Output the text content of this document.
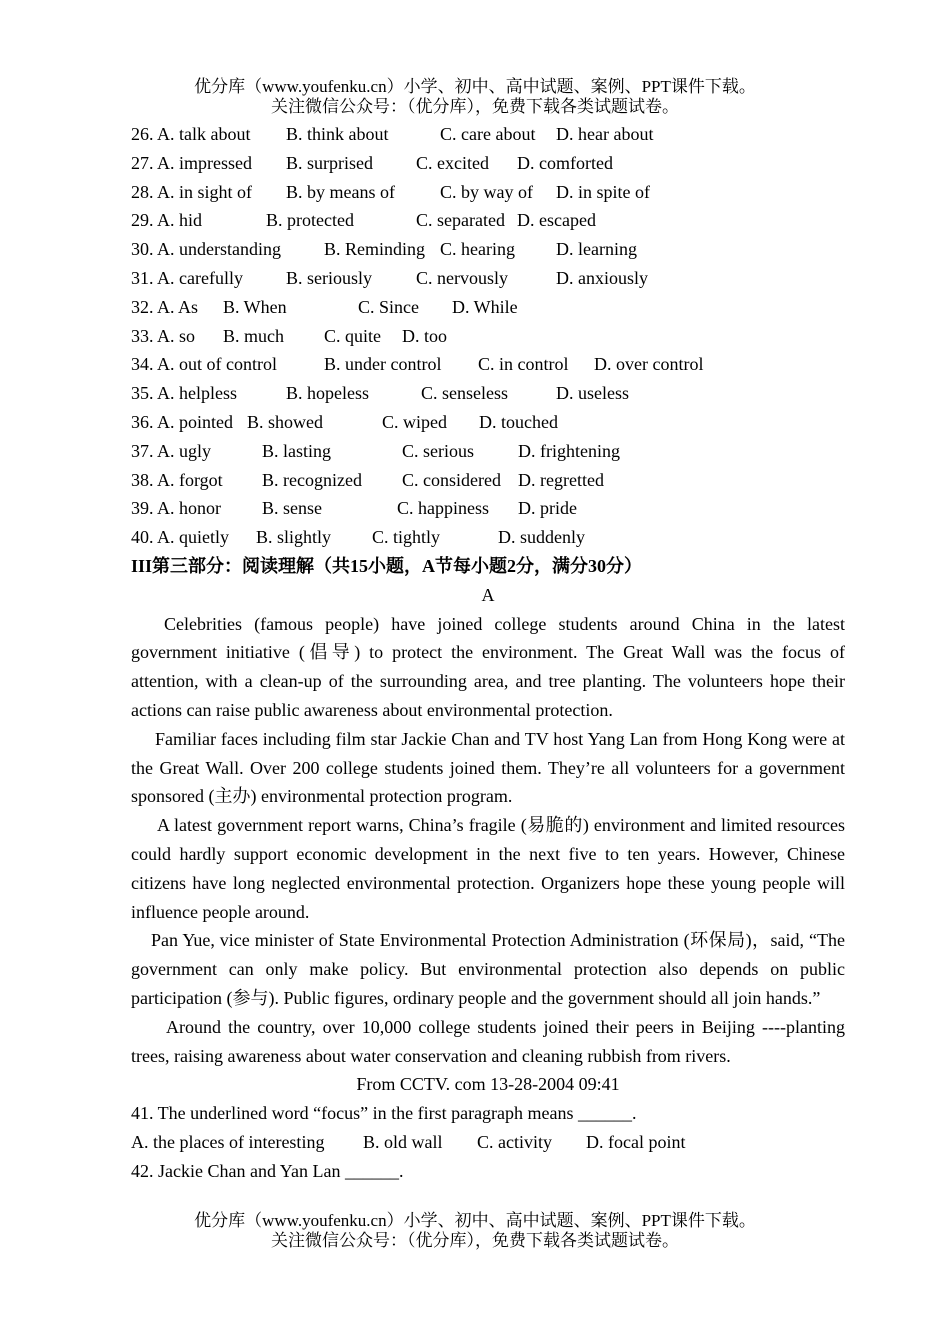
优分库（www.youfenku.cn）小学、初中、高中试题、案例、PPT课件下载。
关注微信公众号：（优分库），免费下载各类试题试卷。
26. A. talk about B. think about	C. care about D. hear about
27. A. impressed B. surprised C. excited D. comforted
28. A. in sight of B. by means of	C. by way of D. in spite of
29. A. hid	B. protected	C. separated D. escaped
30. A. understanding B. Reminding C. hearing D. learning
31. A. carefully B. seriously C. nervously	D. anxiously
32. A. As B. When	C. Since D. While
33. A. so B. much C. quite D. too
34. A. out of control	B. under control C. in control D. over control
35. A. helpless	B. hopeless	C. senseless	D. useless
36. A. pointed B. showed	C. wiped D. touched
37. A. ugly	B. lasting	C. serious D. frightening
38. A. forgot B. recognized C. considered D. regretted
39. A. honor B. sense	C. happiness D. pride
40. A. quietly B. slightly C. tightly	D. suddenly
III第三部分：阅读理解（共15小题，A节每小题2分，满分30分）
A

Celebrities (famous people) have joined college students around China in the latest government initiative (倡导) to protect the environment. The Great Wall was the focus of attention, with a clean-up of the surrounding area, and tree planting. The volunteers hope their actions can raise public awareness about environmental protection.

Familiar faces including film star Jackie Chan and TV host Yang Lan from Hong Kong were at the Great Wall. Over 200 college students joined them. They’re all volunteers for a government sponsored (主办) environmental protection program.

A latest government report warns, China’s fragile (易脆的) environment and limited resources could hardly support economic development in the next five to ten years. However, Chinese citizens have long neglected environmental protection. Organizers hope these young people will influence people around.

Pan Yue, vice minister of State Environmental Protection Administration (环保局)，said, “The government can only make policy. But environmental protection also depends on public participation (参与). Public figures, ordinary people and the government should all join hands.”

Around the country, over 10,000 college students joined their peers in Beijing ----planting trees, raising awareness about water conservation and cleaning rubbish from rivers.

From CCTV. com 13-28-2004 09:41
41. The underlined word “focus” in the first paragraph means ______.
A. the places of interesting B. old wall C. activity D. focal point
42. Jackie Chan and Yan Lan ______.
优分库（www.youfenku.cn）小学、初中、高中试题、案例、PPT课件下载。
关注微信公众号：（优分库），免费下载各类试题试卷。
